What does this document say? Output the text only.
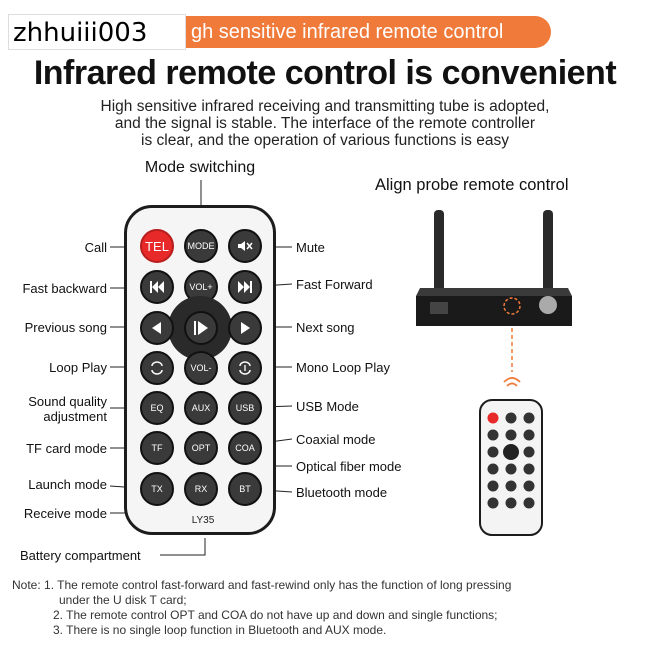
gh sensitive infrared remote control
zhhuiii003
Infrared remote control is convenient
High sensitive infrared receiving and transmitting tube is adopted,
and the signal is stable. The interface of the remote controller
is clear, and the operation of various functions is easy
Mode switching
Align probe remote control
TEL	MODE
VOL+
VOL-
EQ	AUX	USB
TF	OPT	COA
TX	RX	BT
LY35
Call
Fast backward
Previous song
Loop Play
Sound quality
adjustment
TF card mode
Launch mode
Receive mode
Battery compartment
Mute
Fast Forward
Next song
Mono Loop Play
USB Mode
Coaxial mode
Optical fiber mode
Bluetooth mode
Note: 1. The remote control fast-forward and fast-rewind only has the function of long pressing
under the U disk T card;
2. The remote control OPT and COA do not have up and down and single functions;
3. There is no single loop function in Bluetooth and AUX mode.
